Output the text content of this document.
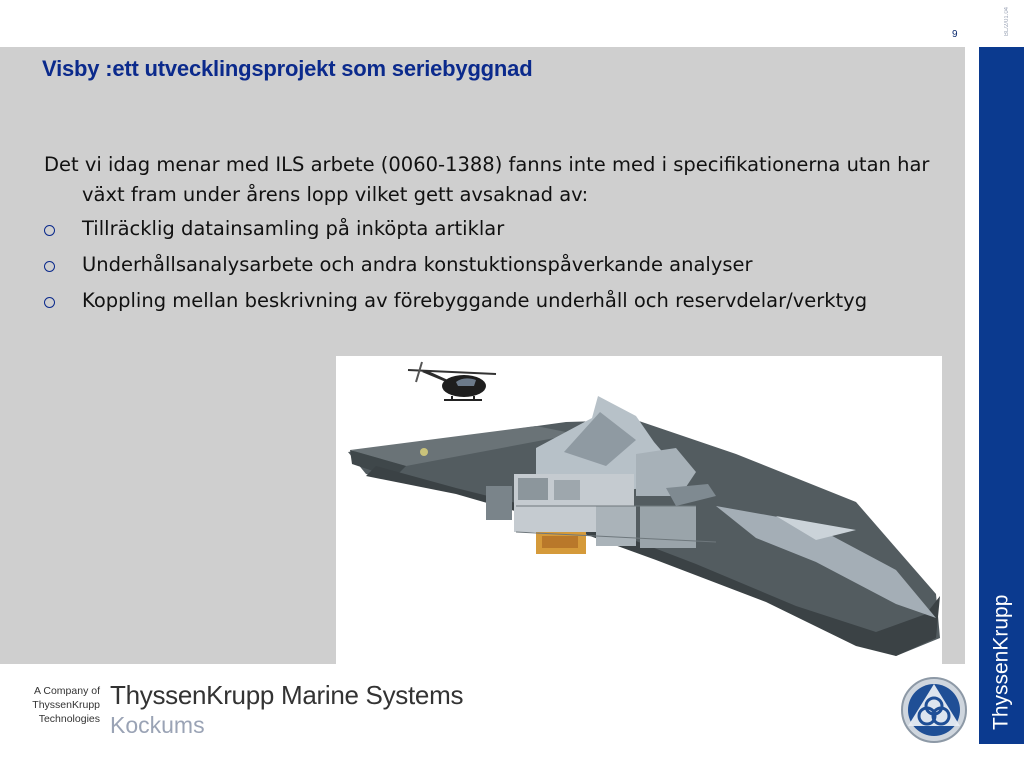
9	BL/2/01.04
Visby :ett utvecklingsprojekt som seriebyggnad

Det vi idag menar med ILS arbete (0060-1388) fanns inte med i specifikationerna utan har växt fram under årens lopp vilket gett avsaknad av:

Tillräcklig datainsamling på inköpta artiklar
Underhållsanalysarbete och andra konstuktionspåverkande analyser
Koppling mellan beskrivning av förebyggande underhåll och reservdelar/verktyg
ThyssenKrupp
A Company of
ThyssenKrupp
Technologies
ThyssenKrupp Marine Systems
Kockums
